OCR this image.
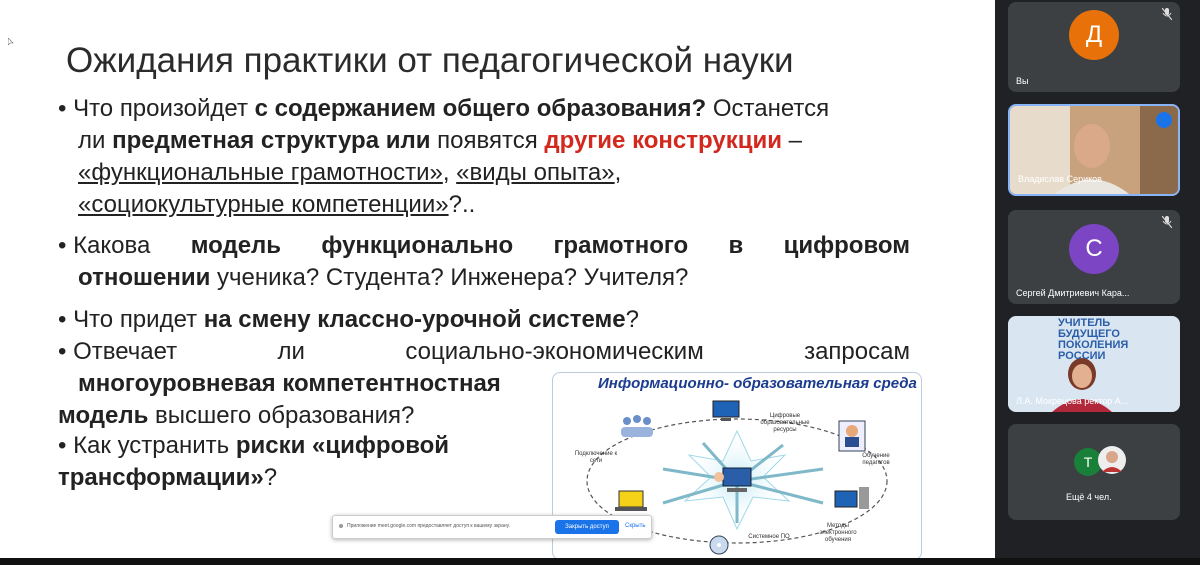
Ожидания практики от педагогической науки
• Что произойдет с содержанием общего образования? Останется
ли предметная структура или появятся другие конструкции –
«функциональные грамотности», «виды опыта»,
«социокультурные компетенции»?..
• Какова модель функционально грамотного в цифровом
отношении ученика? Студента? Инженера? Учителя?
• Что придет на смену классно-урочной системе?
• Отвечает	ли	социально-экономическим	запросам
многоуровневая компетентностная
модель высшего образования?
• Как устранить риски «цифровой
трансформации»?
Информационно- образовательная среда
Цифровые образовательные ресурсы
Подключение к сети
Обучение педагогов
Системное ПО
Методы электронного обучения
Приложение meet.google.com предоставляет доступ к вашему экрану.	Закрыть доступ	Скрыть
Д
Вы
Владислав Сериков
С
Сергей Дмитриевич Кара...
УЧИТЕЛЬ БУДУЩЕГО ПОКОЛЕНИЯ РОССИИ
Л.А. Мокрецова ректор А...
Т
Ещё 4 чел.
